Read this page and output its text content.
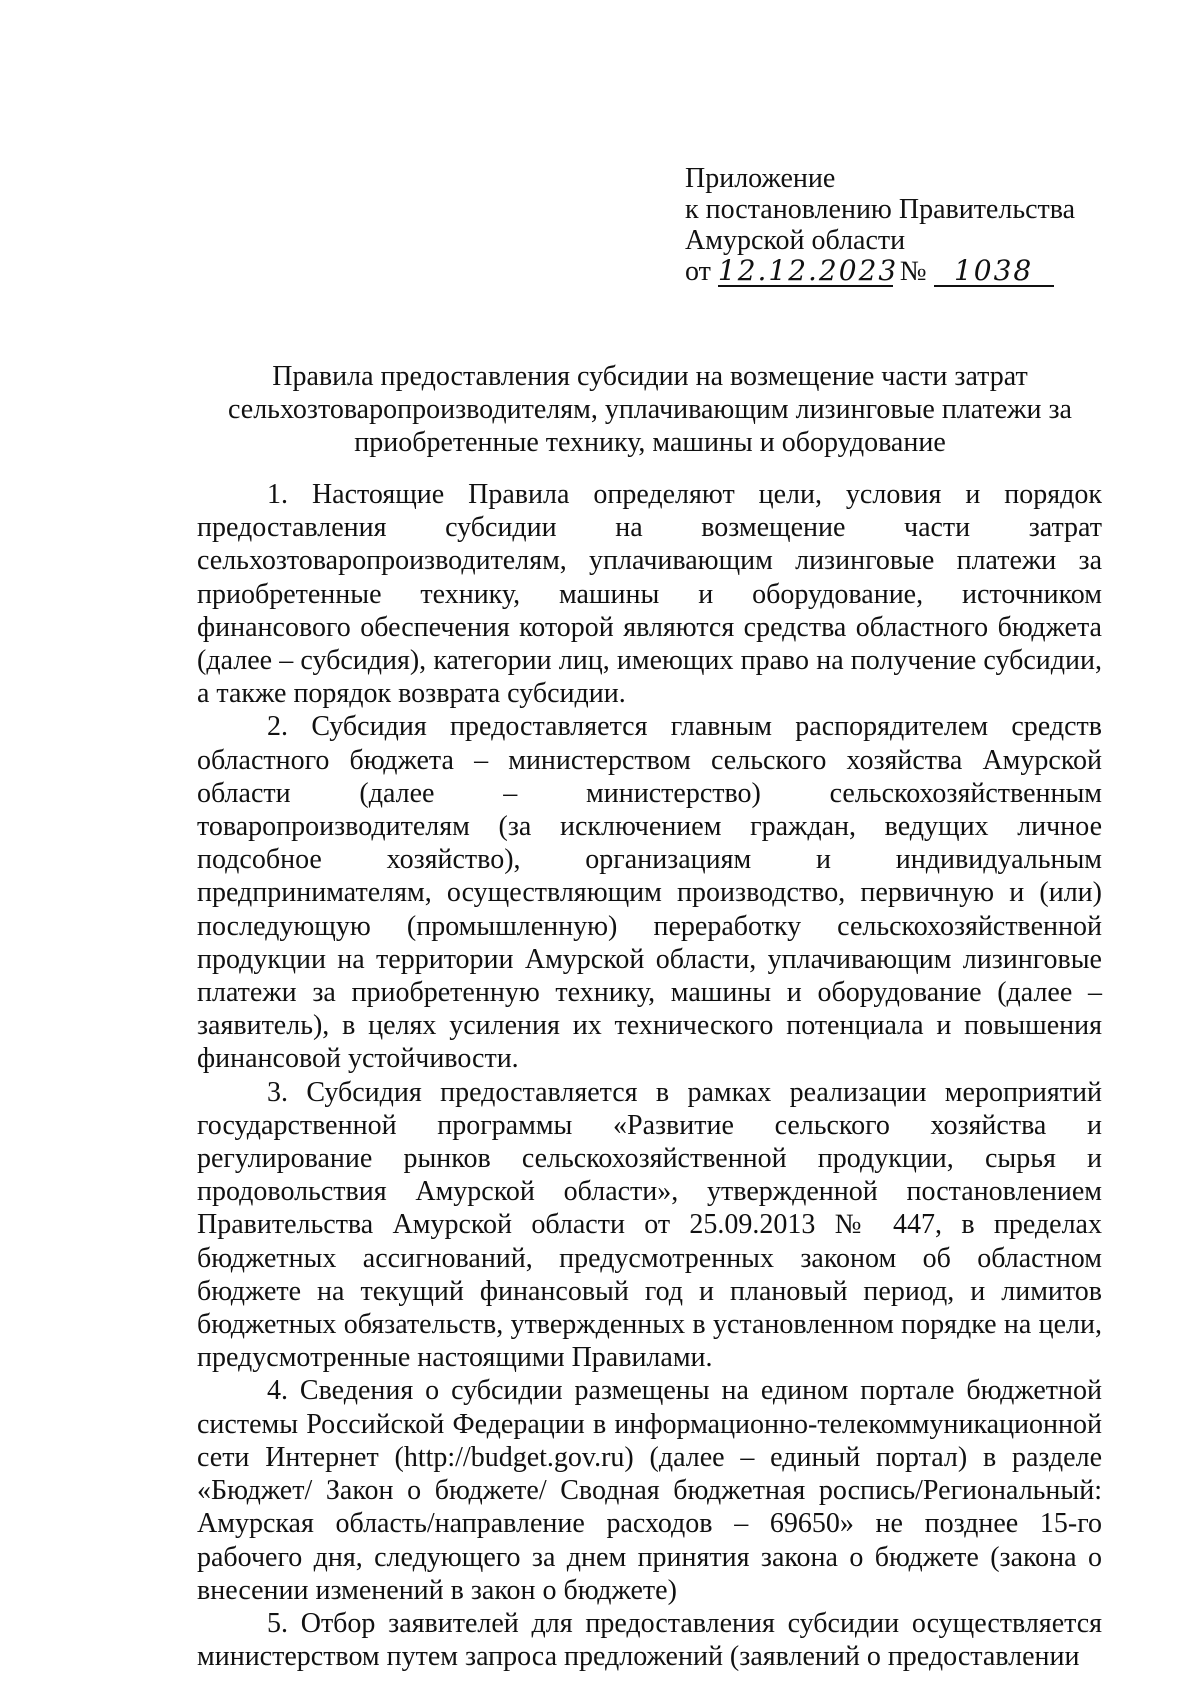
Приложение
к постановлению Правительства
Амурской области
от 12.12.2023 № 1038
Правила предоставления субсидии на возмещение части затрат
сельхозтоваропроизводителям, уплачивающим лизинговые платежи за
приобретенные технику, машины и оборудование

1. Настоящие Правила определяют цели, условия и порядок предоставления субсидии на возмещение части затрат сельхозтоваропроизводителям, уплачивающим лизинговые платежи за приобретенные технику, машины и оборудование, источником финансового обеспечения которой являются средства областного бюджета (далее – субсидия), категории лиц, имеющих право на получение субсидии, а также порядок возврата субсидии.

2. Субсидия предоставляется главным распорядителем средств областного бюджета – министерством сельского хозяйства Амурской области (далее – министерство) сельскохозяйственным товаропроизводителям (за исключением граждан, ведущих личное подсобное хозяйство), организациям и индивидуальным предпринимателям, осуществляющим производство, первичную и (или) последующую (промышленную) переработку сельскохозяйственной продукции на территории Амурской области, уплачивающим лизинговые платежи за приобретенную технику, машины и оборудование (далее – заявитель), в целях усиления их технического потенциала и повышения финансовой устойчивости.

3. Субсидия предоставляется в рамках реализации мероприятий государственной программы «Развитие сельского хозяйства и регулирование рынков сельскохозяйственной продукции, сырья и продовольствия Амурской области», утвержденной постановлением Правительства Амурской области от 25.09.2013 № 447, в пределах бюджетных ассигнований, предусмотренных законом об областном бюджете на текущий финансовый год и плановый период, и лимитов бюджетных обязательств, утвержденных в установленном порядке на цели, предусмотренные настоящими Правилами.

4. Сведения о субсидии размещены на едином портале бюджетной системы Российской Федерации в информационно-телекоммуникационной сети Интернет (http://budget.gov.ru) (далее – единый портал) в разделе «Бюджет/ Закон о бюджете/ Сводная бюджетная роспись/Региональный: Амурская область/направление расходов – 69650» не позднее 15-го рабочего дня, следующего за днем принятия закона о бюджете (закона о внесении изменений в закон о бюджете)

5. Отбор заявителей для предоставления субсидии осуществляется министерством путем запроса предложений (заявлений о предоставлении
